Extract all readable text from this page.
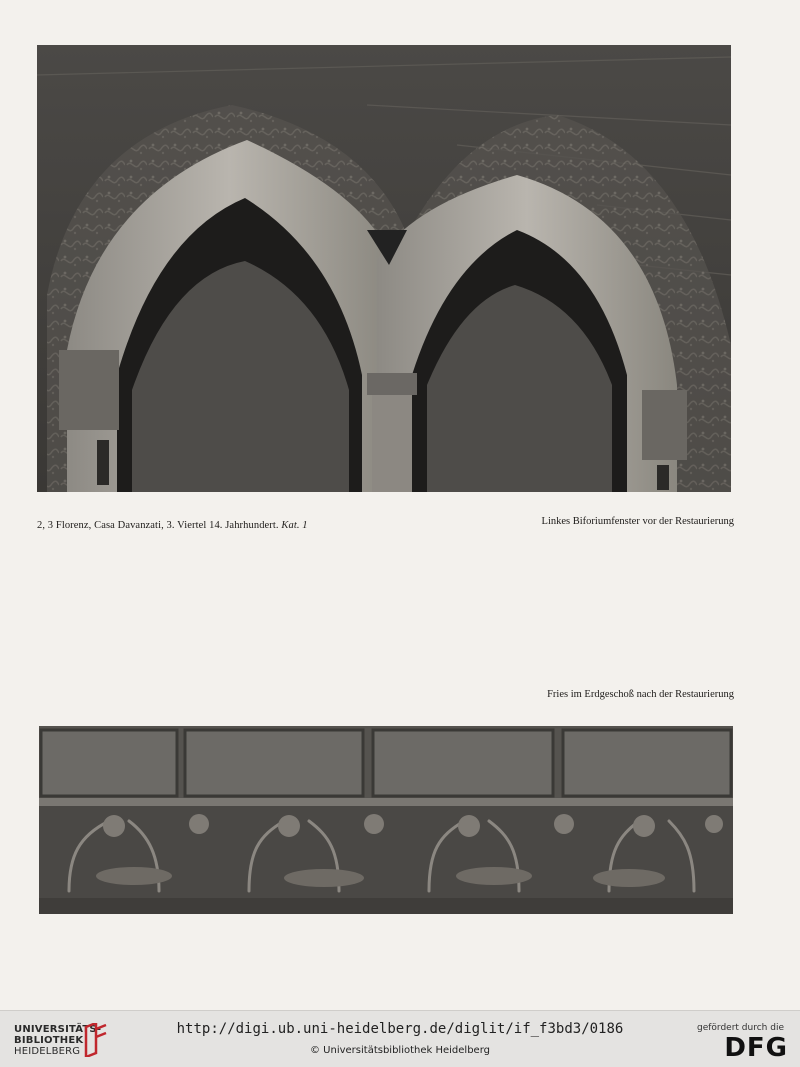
2, 3 Florenz, Casa Davanzati, 3. Viertel 14. Jahrhundert. Kat. 1	Linkes Biforiumfenster vor der Restaurierung
Fries im Erdgeschoß nach der Restaurierung
UNIVERSITÄTS-
BIBLIOTHEK
HEIDELBERG
http://digi.ub.uni-heidelberg.de/diglit/if_f3bd3/0186
© Universitätsbibliothek Heidelberg
gefördert durch die
DFG
